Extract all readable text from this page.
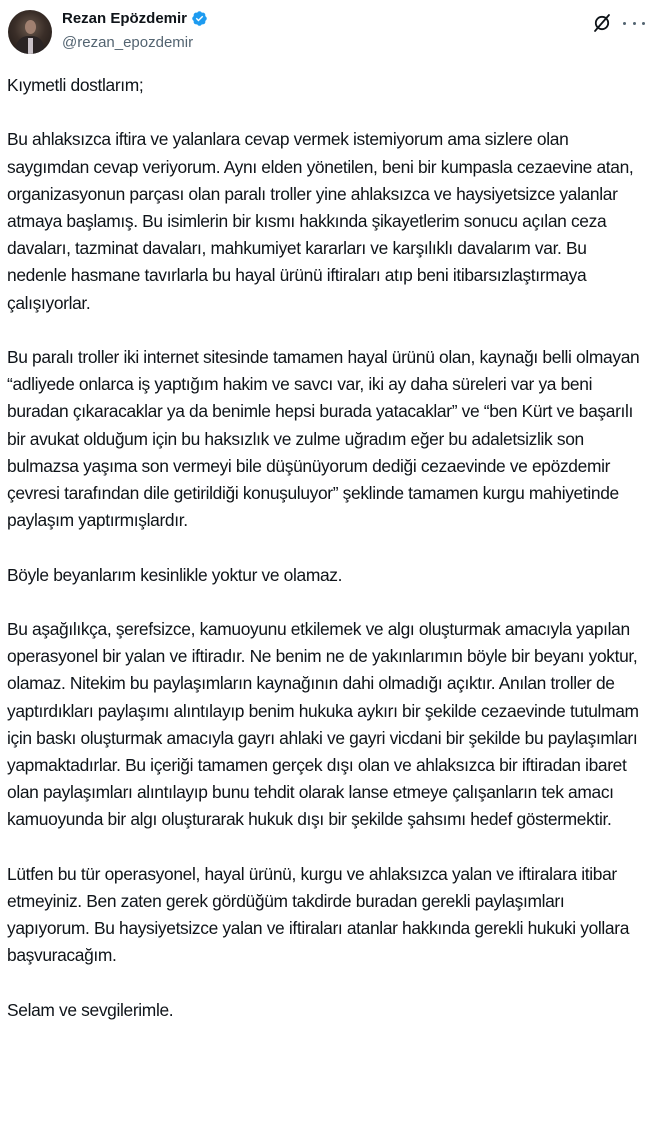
Rezan Epözdemir
@rezan_epozdemir

Kıymetli dostlarım;

Bu ahlaksızca iftira ve yalanlara cevap vermek istemiyorum ama sizlere olan saygımdan cevap veriyorum. Aynı elden yönetilen, beni bir kumpasla cezaevine atan, organizasyonun parçası olan paralı troller yine ahlaksızca ve haysiyetsizce yalanlar atmaya başlamış. Bu isimlerin bir kısmı hakkında şikayetlerim sonucu açılan ceza davaları, tazminat davaları, mahkumiyet kararları ve karşılıklı davalarım var. Bu nedenle hasmane tavırlarla bu hayal ürünü iftiraları atıp beni itibarsızlaştırmaya çalışıyorlar.

Bu paralı troller iki internet sitesinde tamamen hayal ürünü olan, kaynağı belli olmayan “adliyede onlarca iş yaptığım hakim ve savcı var, iki ay daha süreleri var ya beni buradan çıkaracaklar ya da benimle hepsi burada yatacaklar” ve “ben Kürt ve başarılı bir avukat olduğum için bu haksızlık ve zulme uğradım eğer bu adaletsizlik son bulmazsa yaşıma son vermeyi bile düşünüyorum dediği cezaevinde ve epözdemir çevresi tarafından dile getirildiği konuşuluyor” şeklinde tamamen kurgu mahiyetinde paylaşım yaptırmışlardır.

Böyle beyanlarım kesinlikle yoktur ve olamaz.

Bu aşağılıkça, şerefsizce, kamuoyunu etkilemek ve algı oluşturmak amacıyla yapılan operasyonel bir yalan ve iftiradır. Ne benim ne de yakınlarımın böyle bir beyanı yoktur, olamaz. Nitekim bu paylaşımların kaynağının dahi olmadığı açıktır. Anılan troller de yaptırdıkları paylaşımı alıntılayıp benim hukuka aykırı bir şekilde cezaevinde tutulmam için baskı oluşturmak amacıyla gayrı ahlaki ve gayri vicdani bir şekilde bu paylaşımları yapmaktadırlar. Bu içeriği tamamen gerçek dışı olan ve ahlaksızca bir iftiradan ibaret olan paylaşımları alıntılayıp bunu tehdit olarak lanse etmeye çalışanların tek amacı kamuoyunda bir algı oluşturarak hukuk dışı bir şekilde şahsımı hedef göstermektir.

Lütfen bu tür operasyonel, hayal ürünü, kurgu ve ahlaksızca yalan ve iftiralara itibar etmeyiniz. Ben zaten gerek gördüğüm takdirde buradan gerekli paylaşımları yapıyorum. Bu haysiyetsizce yalan ve iftiraları atanlar hakkında gerekli hukuki yollara başvuracağım.

Selam ve sevgilerimle.
